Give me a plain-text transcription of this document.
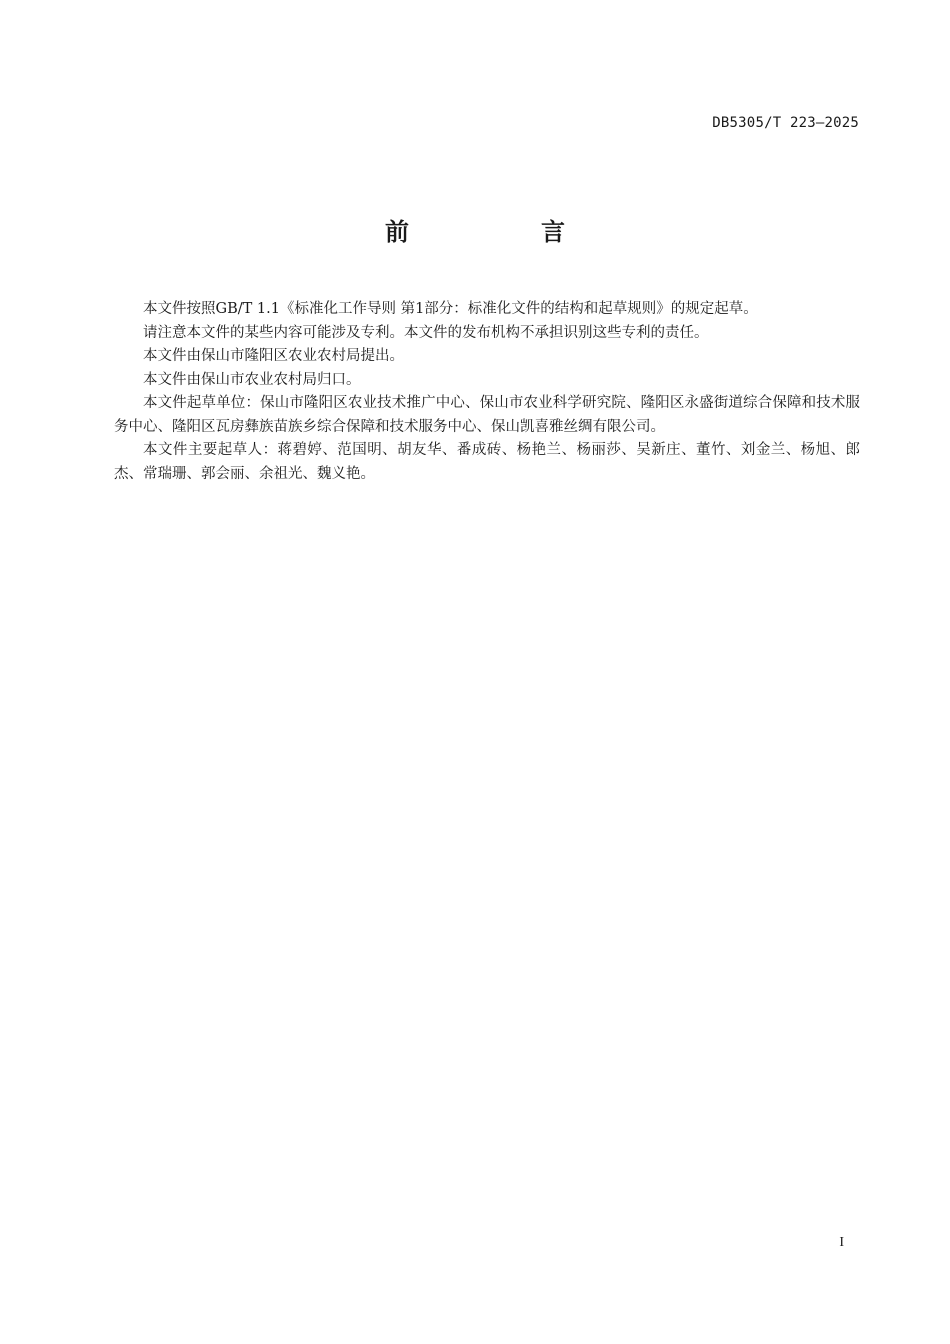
DB5305/T 223—2025
前　言

本文件按照GB/T 1.1《标准化工作导则 第1部分：标准化文件的结构和起草规则》的规定起草。

请注意本文件的某些内容可能涉及专利。本文件的发布机构不承担识别这些专利的责任。

本文件由保山市隆阳区农业农村局提出。

本文件由保山市农业农村局归口。

本文件起草单位：保山市隆阳区农业技术推广中心、保山市农业科学研究院、隆阳区永盛街道综合保障和技术服务中心、隆阳区瓦房彝族苗族乡综合保障和技术服务中心、保山凯喜雅丝绸有限公司。

本文件主要起草人：蒋碧婷、范国明、胡友华、番成砖、杨艳兰、杨丽莎、吴新庄、董竹、刘金兰、杨旭、郎杰、常瑞珊、郭会丽、余祖光、魏义艳。

I
